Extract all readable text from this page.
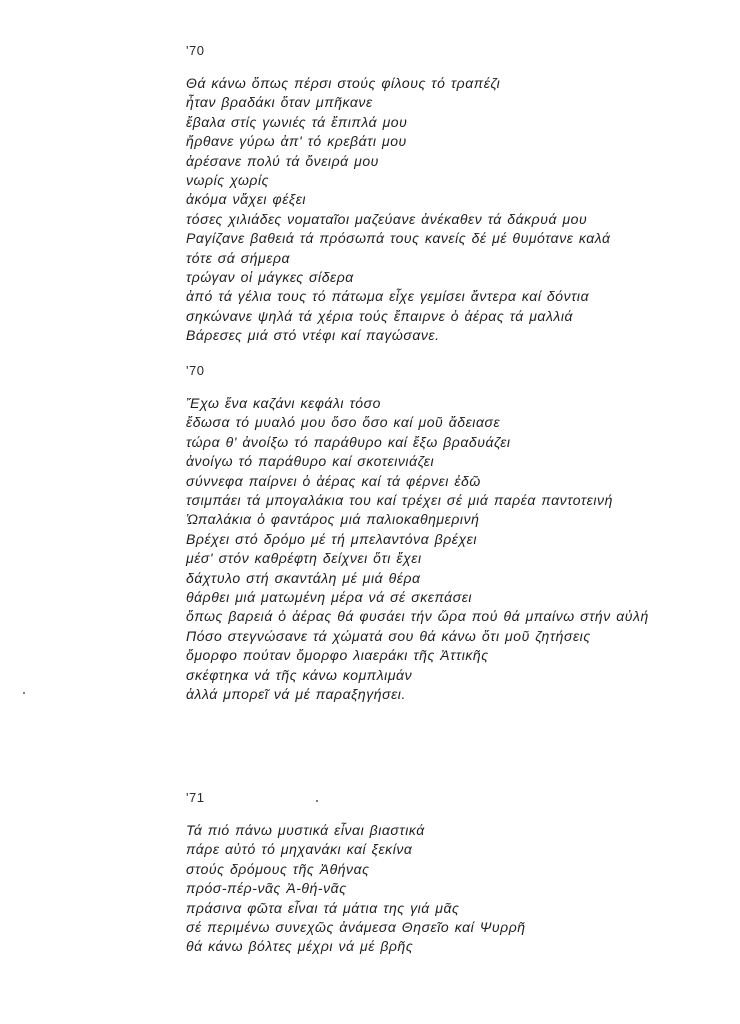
'70
Θά κάνω ὅπως πέρσι στούς φίλους τό τραπέζι
ἦταν βραδάκι ὅταν μπῆκανε
ἔβαλα στίς γωνιές τά ἔπιπλά μου
ἤρθανε γύρω ἀπ' τό κρεβάτι μου
ἀρέσανε πολύ τά ὄνειρά μου
νωρίς χωρίς
ἀκόμα νἄχει φέξει
τόσες χιλιάδες νοματαῖοι μαζεύανε ἀνέκαθεν τά δάκρυά μου
Ραγίζανε βαθειά τά πρόσωπά τους κανείς δέ μέ θυμότανε καλά
τότε σά σήμερα
τρώγαν οἱ μάγκες σίδερα
ἀπό τά γέλια τους τό πάτωμα εἶχε γεμίσει ἄντερα καί δόντια
σηκώνανε ψηλά τά χέρια τούς ἔπαιρνε ὁ ἀέρας τά μαλλιά
Βάρεσες μιά στό ντέφι καί παγώσανε.
'70
Ἔχω ἕνα καζάνι κεφάλι τόσο
ἔδωσα τό μυαλό μου ὅσο ὅσο καί μοῦ ἄδειασε
τώρα θ' ἀνοίξω τό παράθυρο καί ἔξω βραδυάζει
ἀνοίγω τό παράθυρο καί σκοτεινιάζει
σύννεφα παίρνει ὁ ἀέρας καί τά φέρνει ἐδῶ
τσιμπάει τά μπογαλάκια του καί τρέχει σέ μιά παρέα παντοτεινή
Ὠπαλάκια ὁ φαντάρος μιά παλιοκαθημερινή
Βρέχει στό δρόμο μέ τή μπελαντόνα βρέχει
μέσ' στόν καθρέφτη δείχνει ὅτι ἔχει
δάχτυλο στή σκαντάλη μέ μιά θέρα
θάρθει μιά ματωμένη μέρα νά σέ σκεπάσει
ὅπως βαρειά ὁ ἀέρας θά φυσάει τήν ὥρα πού θά μπαίνω στήν αὐλή
Πόσο στεγνώσανε τά χώματά σου θά κάνω ὅτι μοῦ ζητήσεις
ὄμορφο πούταν ὄμορφο λιαεράκι τῆς Ἀττικῆς
σκέφτηκα νά τῆς κάνω κομπλιμάν
ἀλλά μπορεῖ νά μέ παραξηγήσει.
'71
Τά πιό πάνω μυστικά εἶναι βιαστικά
πάρε αὐτό τό μηχανάκι καί ξεκίνα
στούς δρόμους τῆς Ἀθήνας
πρόσ-πέρ-νᾶς Ἀ-θή-νᾶς
πράσινα φῶτα εἶναι τά μάτια της γιά μᾶς
σέ περιμένω συνεχῶς ἀνάμεσα Θησεῖο καί Ψυρρῆ
θά κάνω βόλτες μέχρι νά μέ βρῆς
